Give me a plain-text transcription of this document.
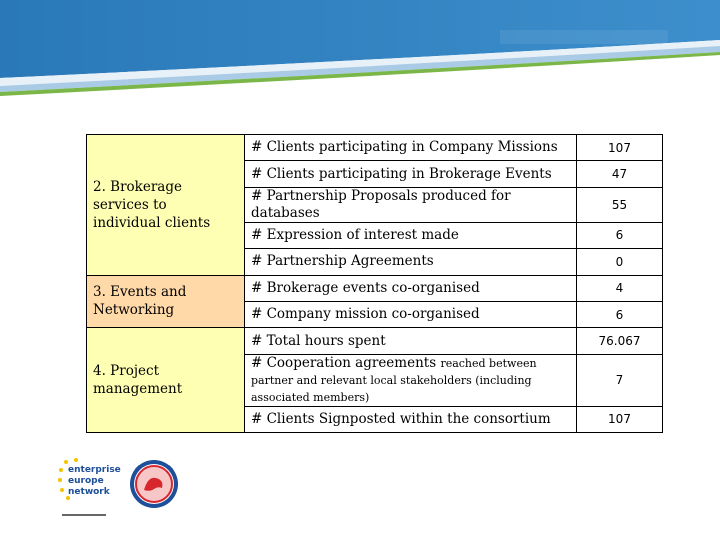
2. Brokerage services to individual clients	# Clients participating in Company Missions	107
	# Clients participating in Brokerage Events	47
	# Partnership Proposals produced for databases	55
	# Expression of interest made	6
	# Partnership Agreements	0
3. Events and Networking	# Brokerage events co-organised	4
	# Company mission co-organised	6
4. Project management	# Total hours spent	76.067
	# Cooperation agreements reached between partner and relevant local stakeholders (including associated members)	7
	# Clients Signposted within the consortium	107
enterprise
europe
network
